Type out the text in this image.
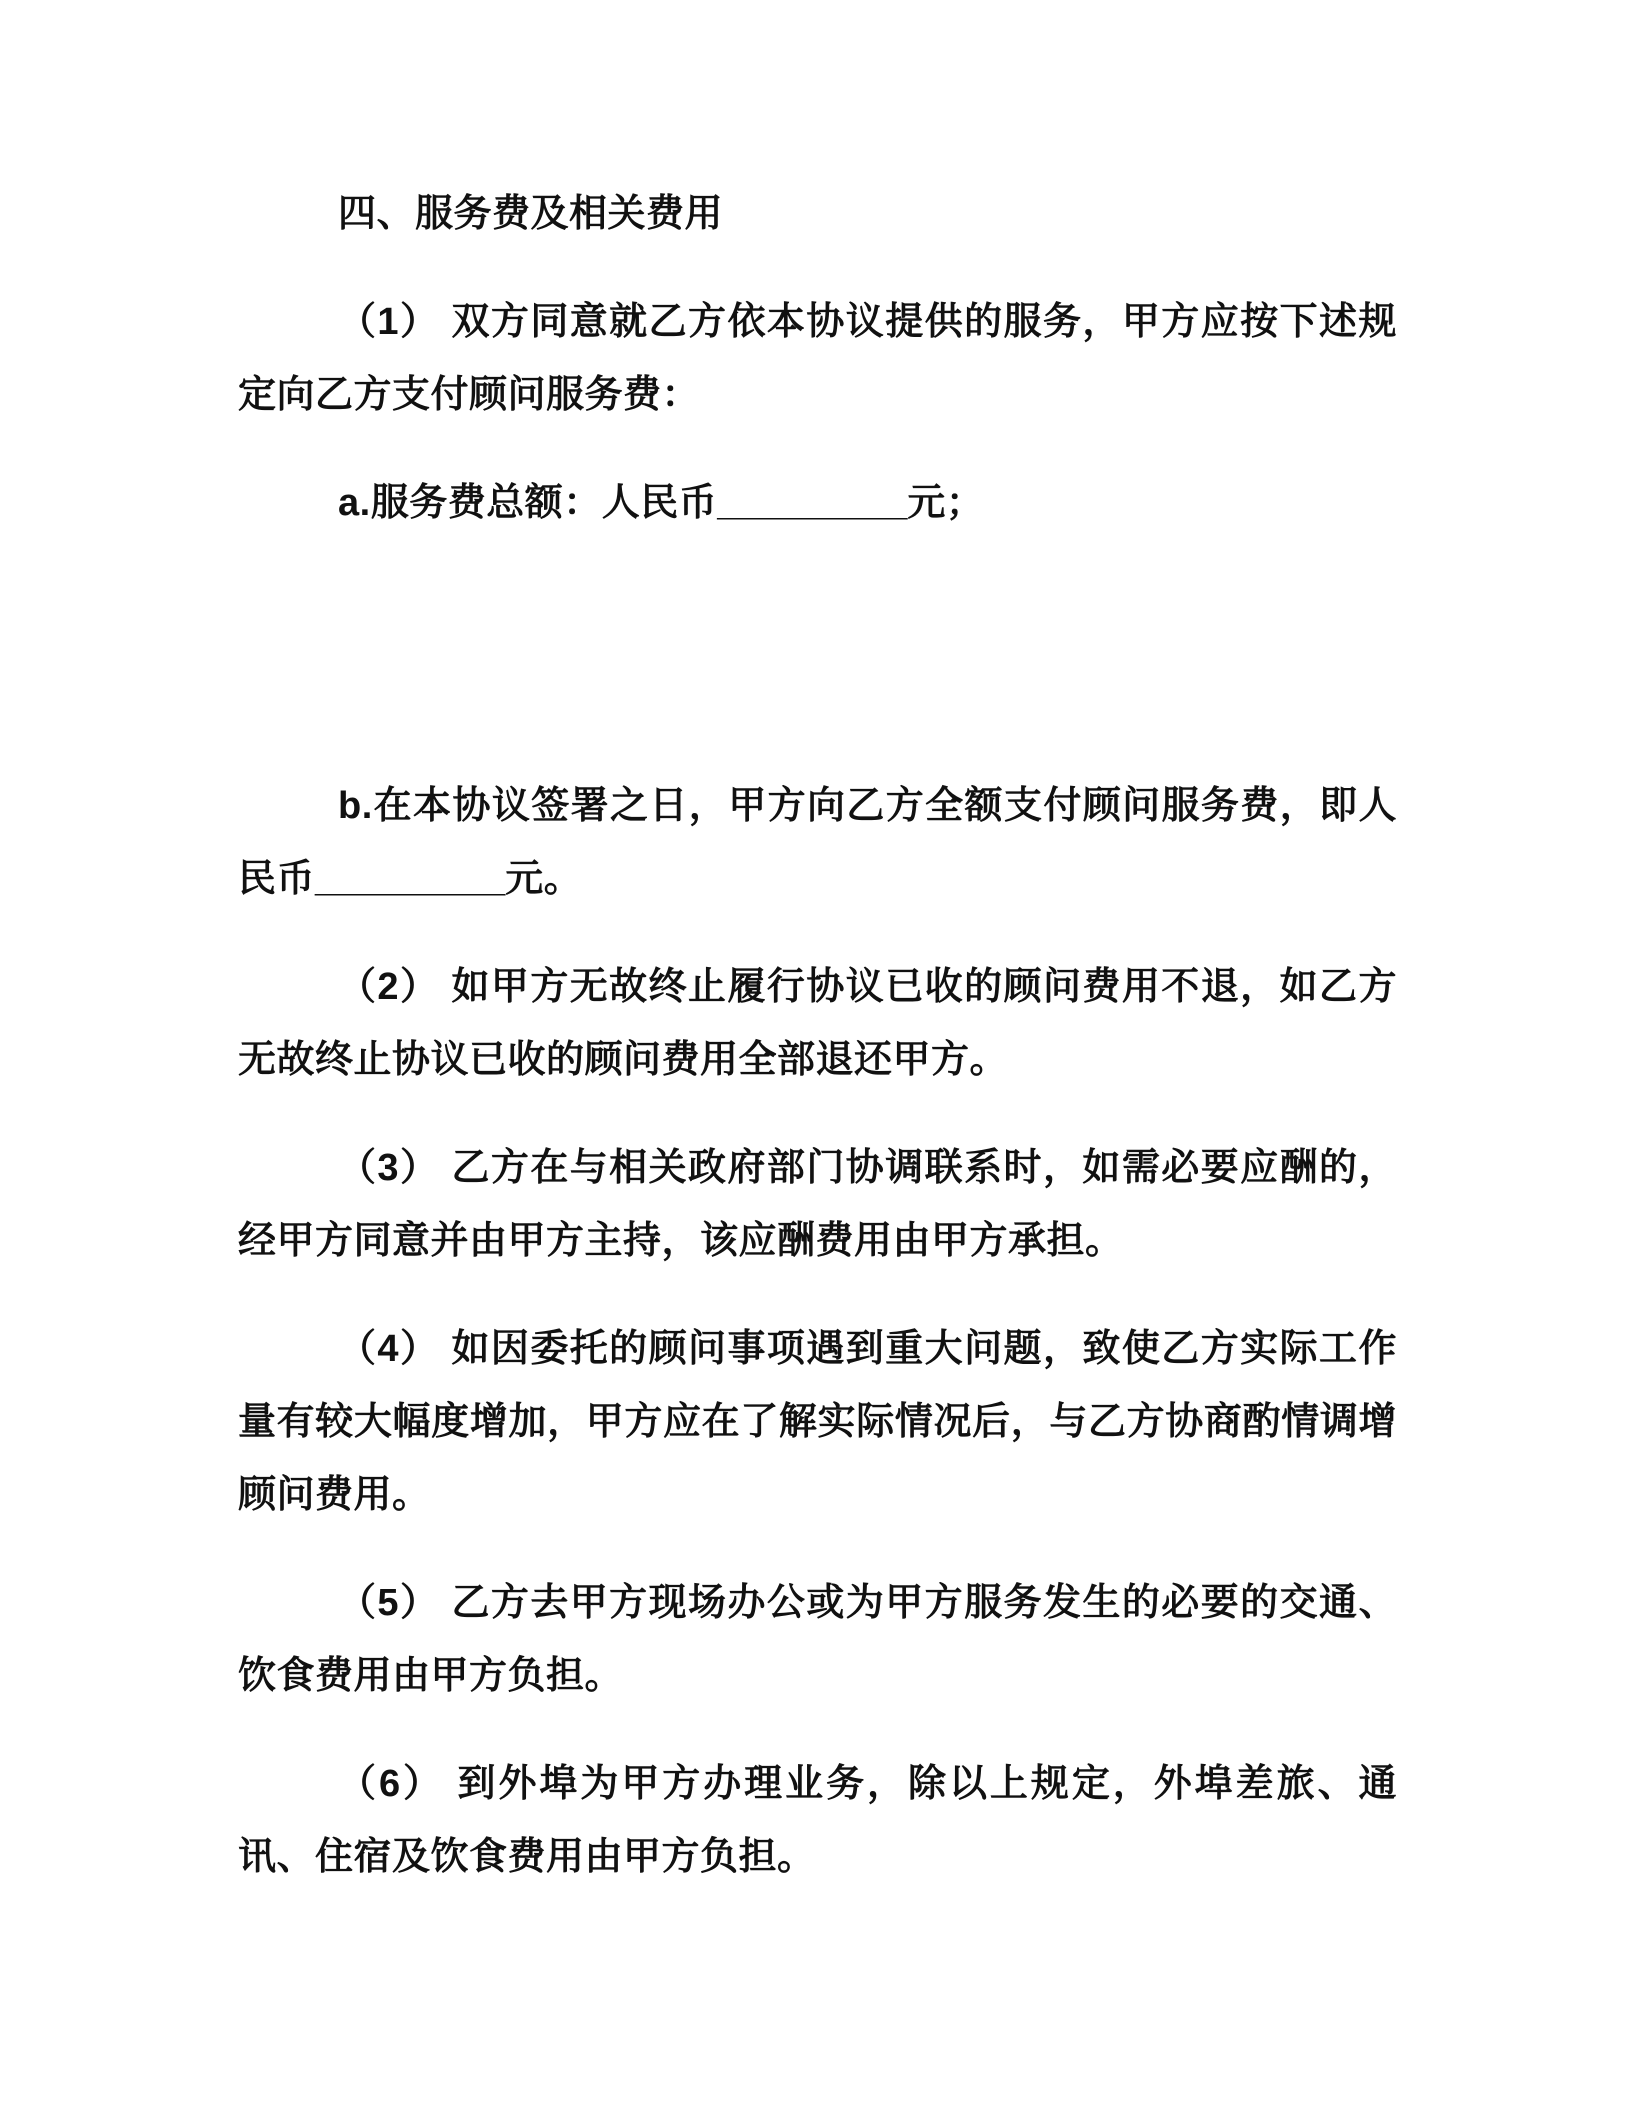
四、服务费及相关费用

（1） 双方同意就乙方依本协议提供的服务，甲方应按下述规定向乙方支付顾问服务费：

a.服务费总额：人民币_________元；

b.在本协议签署之日，甲方向乙方全额支付顾问服务费，即人民币_________元。

（2） 如甲方无故终止履行协议已收的顾问费用不退，如乙方无故终止协议已收的顾问费用全部退还甲方。

（3） 乙方在与相关政府部门协调联系时，如需必要应酬的，经甲方同意并由甲方主持，该应酬费用由甲方承担。

（4） 如因委托的顾问事项遇到重大问题，致使乙方实际工作量有较大幅度增加，甲方应在了解实际情况后，与乙方协商酌情调增顾问费用。

（5） 乙方去甲方现场办公或为甲方服务发生的必要的交通、饮食费用由甲方负担。

（6） 到外埠为甲方办理业务，除以上规定，外埠差旅、通讯、住宿及饮食费用由甲方负担。
